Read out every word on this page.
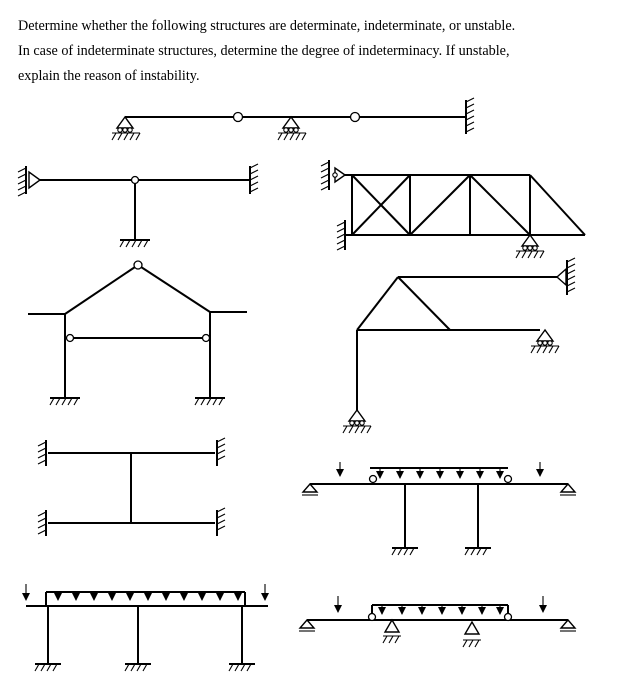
Determine whether the following structures are determinate, indeterminate, or unstable.

In case of indeterminate structures, determine the degree of indeterminacy. If unstable,

explain the reason of instability.
